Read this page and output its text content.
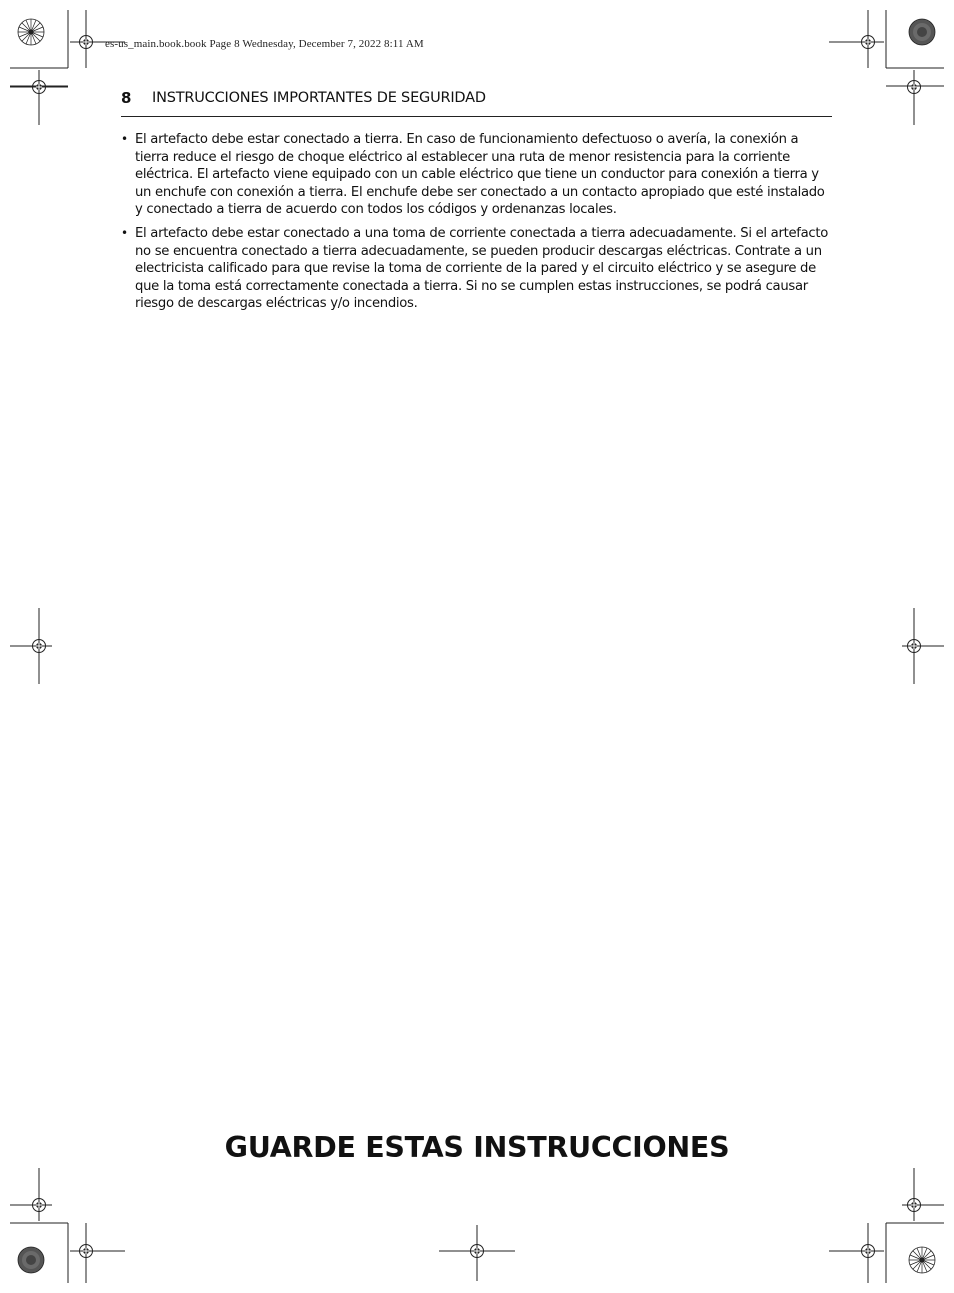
es-us_main.book.book Page 8 Wednesday, December 7, 2022 8:11 AM
8 INSTRUCCIONES IMPORTANTES DE SEGURIDAD
• El artefacto debe estar conectado a tierra. En caso de funcionamiento defectuoso o avería, la conexión a tierra reduce el riesgo de choque eléctrico al establecer una ruta de menor resistencia para la corriente eléctrica. El artefacto viene equipado con un cable eléctrico que tiene un conductor para conexión a tierra y un enchufe con conexión a tierra. El enchufe debe ser conectado a un contacto apropiado que esté instalado y conectado a tierra de acuerdo con todos los códigos y ordenanzas locales.
• El artefacto debe estar conectado a una toma de corriente conectada a tierra adecuadamente. Si el artefacto no se encuentra conectado a tierra adecuadamente, se pueden producir descargas eléctricas. Contrate a un electricista calificado para que revise la toma de corriente de la pared y el circuito eléctrico y se asegure de que la toma está correctamente conectada a tierra. Si no se cumplen estas instrucciones, se podrá causar riesgo de descargas eléctricas y/o incendios.
GUARDE ESTAS INSTRUCCIONES
